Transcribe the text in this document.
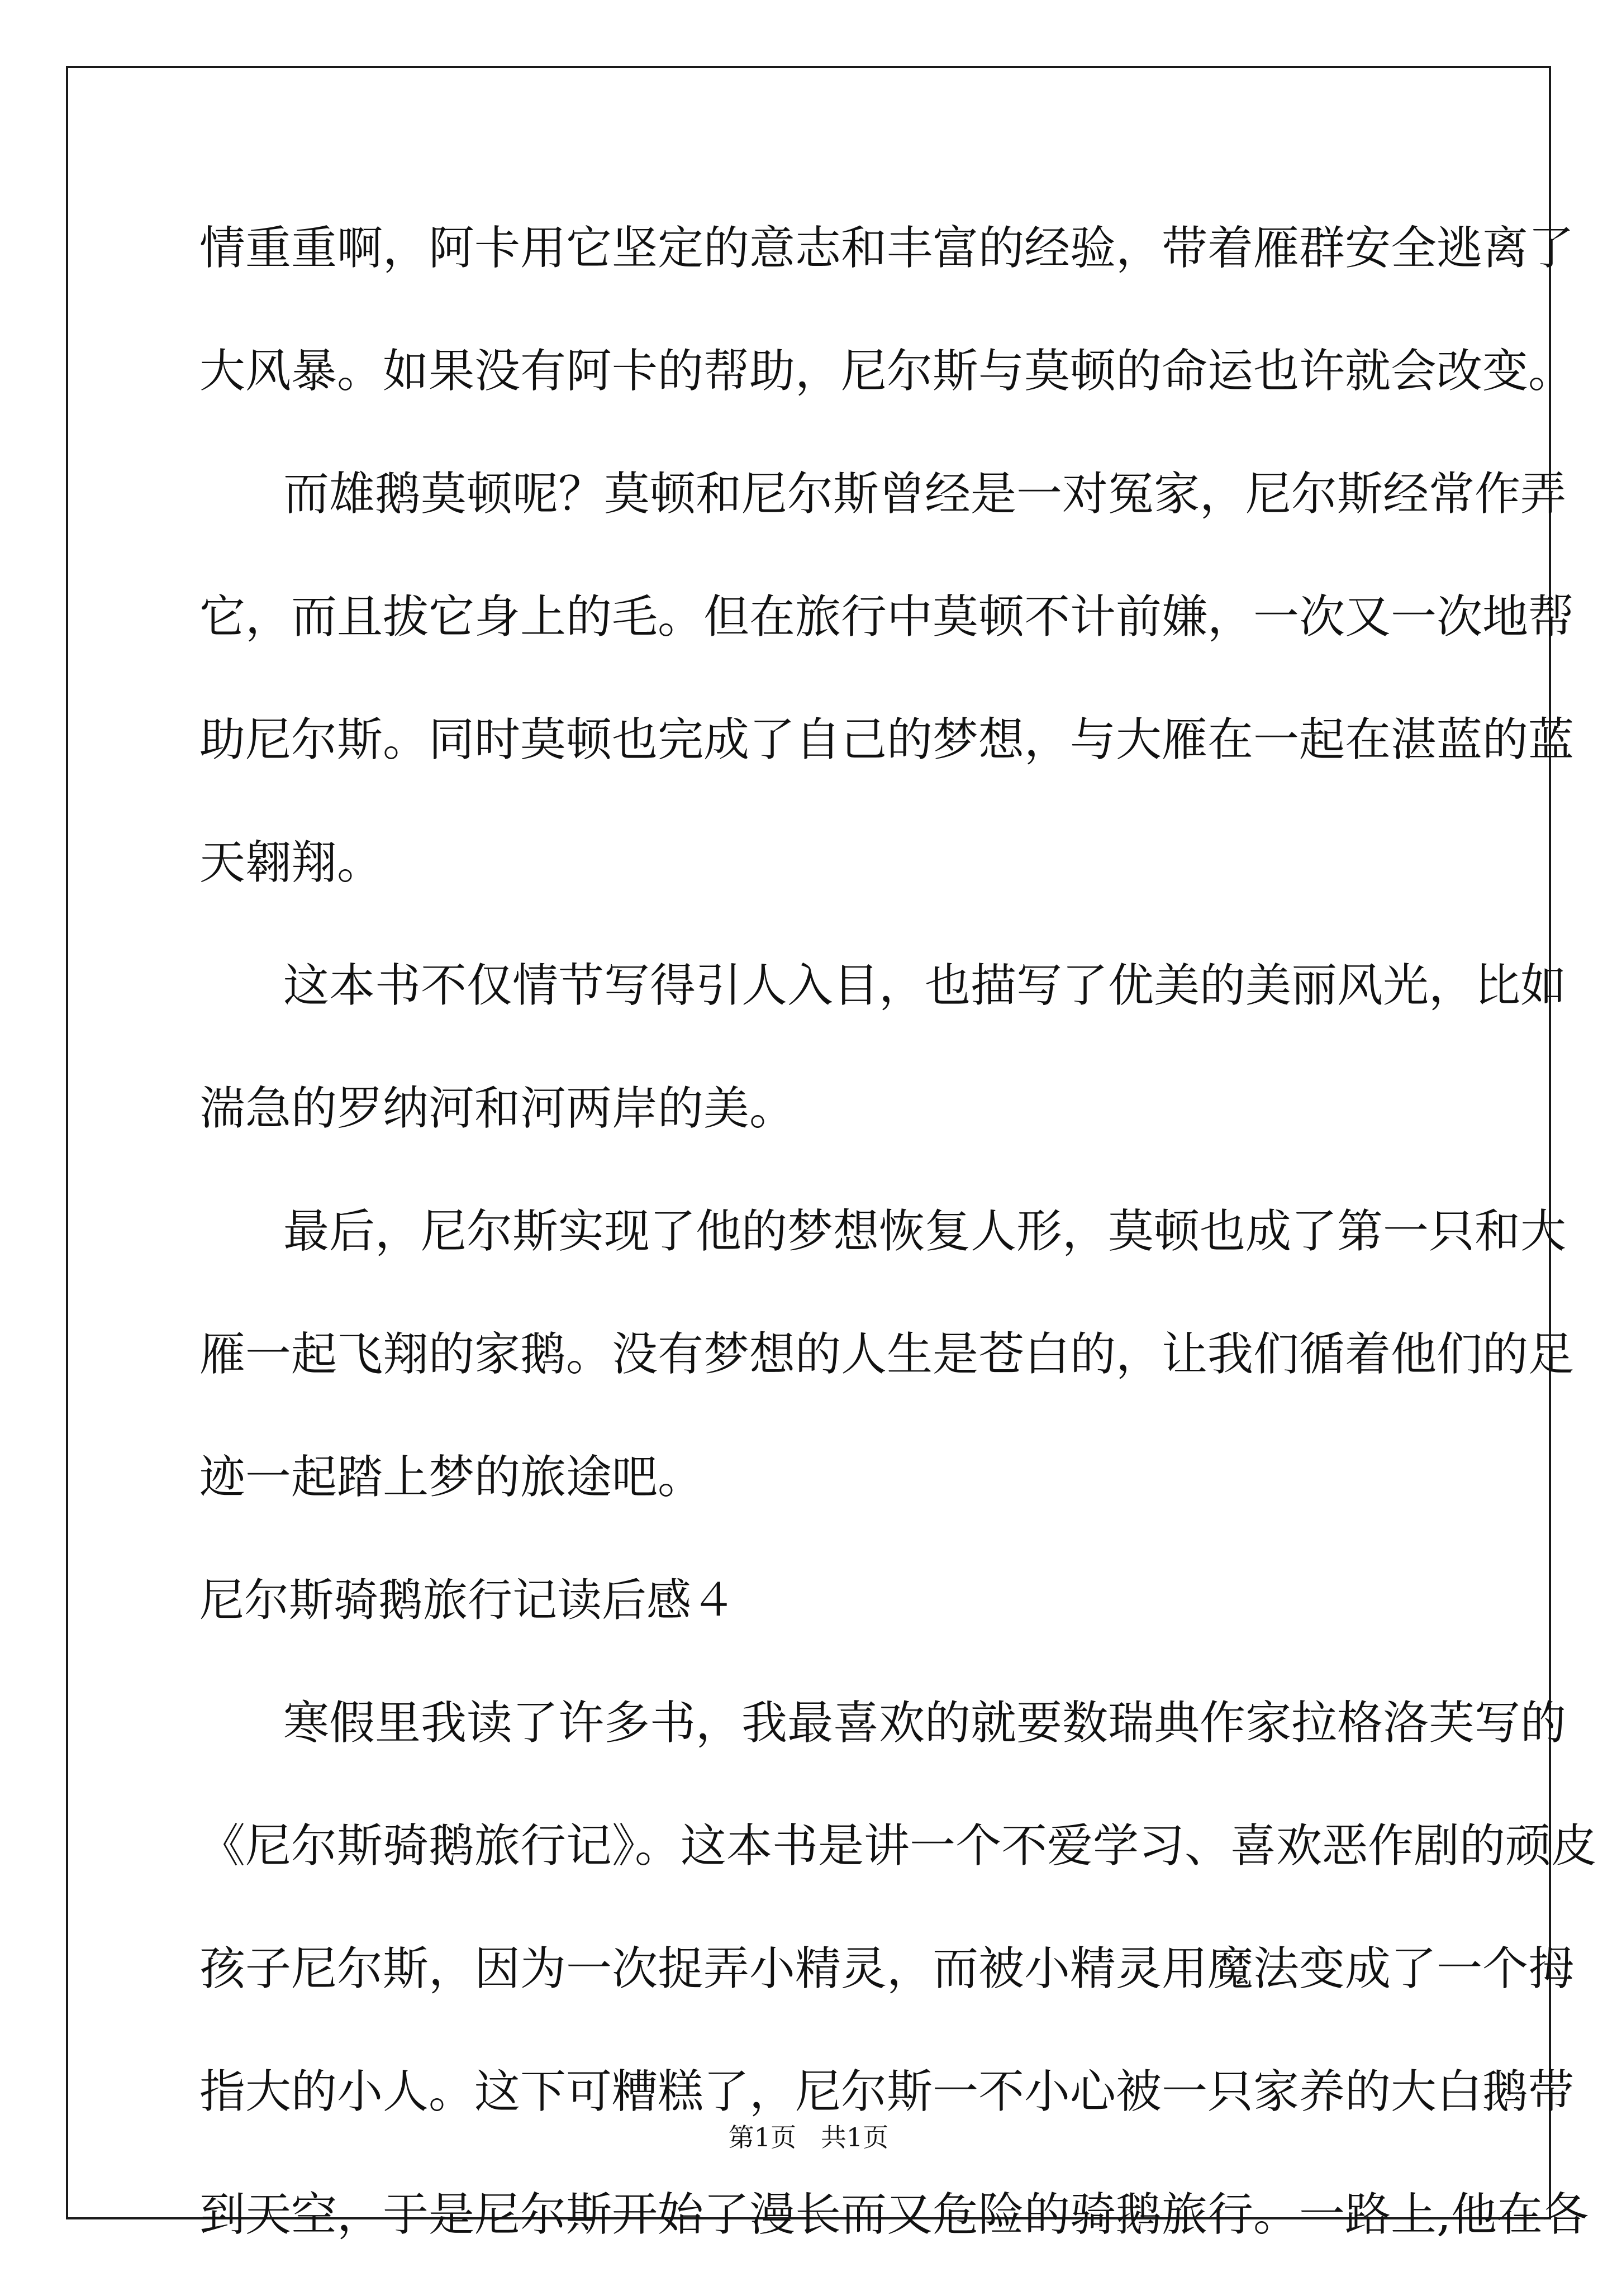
情重重啊，阿卡用它坚定的意志和丰富的经验，带着雁群安全逃离了
大风暴。如果没有阿卡的帮助，尼尔斯与莫顿的命运也许就会改变。
而雄鹅莫顿呢？莫顿和尼尔斯曾经是一对冤家，尼尔斯经常作弄
它，而且拔它身上的毛。但在旅行中莫顿不计前嫌，一次又一次地帮
助尼尔斯。同时莫顿也完成了自己的梦想，与大雁在一起在湛蓝的蓝
天翱翔。
这本书不仅情节写得引人入目，也描写了优美的美丽风光，比如
湍急的罗纳河和河两岸的美。
最后，尼尔斯实现了他的梦想恢复人形，莫顿也成了第一只和大
雁一起飞翔的家鹅。没有梦想的人生是苍白的，让我们循着他们的足
迹一起踏上梦的旅途吧。
尼尔斯骑鹅旅行记读后感４
寒假里我读了许多书，我最喜欢的就要数瑞典作家拉格洛芙写的
《尼尔斯骑鹅旅行记》。这本书是讲一个不爱学习、喜欢恶作剧的顽皮
孩子尼尔斯，因为一次捉弄小精灵，而被小精灵用魔法变成了一个拇
指大的小人。这下可糟糕了，尼尔斯一不小心被一只家养的大白鹅带
到天空，于是尼尔斯开始了漫长而又危险的骑鹅旅行。一路上,他在各
第1页   共1页
